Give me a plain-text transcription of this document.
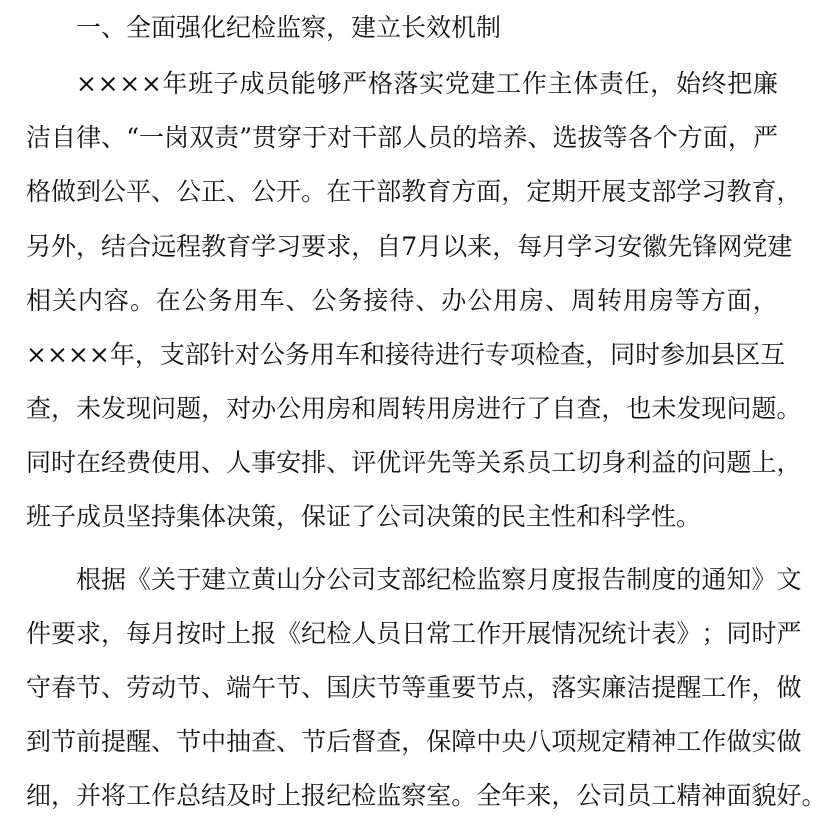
一、全面强化纪检监察，建立长效机制
× × × × 年 班 子 成 员 能 够 严 格 落 实 党 建 工 作 主 体 责 任 ， 始 终 把 廉
洁 自 律 、 “ 一 岗 双 责 ” 贯 穿 于 对 干 部 人 员 的 培 养 、 选 拔 等 各 个 方 面 ， 严
格 做 到 公 平 、 公 正 、 公 开 。 在 干 部 教 育 方 面 ， 定 期 开 展 支 部 学 习 教 育 ，
另 外 ， 结 合 远 程 教 育 学 习 要 求 ， 自 7 月 以 来 ， 每 月 学 习 安 徽 先 锋 网 党 建
相 关 内 容 。 在 公 务 用 车 、 公 务 接 待 、 办 公 用 房 、 周 转 用 房 等 方 面 ，
× × × × 年 ， 支 部 针 对 公 务 用 车 和 接 待 进 行 专 项 检 查 ， 同 时 参 加 县 区 互
查 ， 未 发 现 问 题 ， 对 办 公 用 房 和 周 转 用 房 进 行 了 自 查 ， 也 未 发 现 问 题 。
同 时 在 经 费 使 用 、 人 事 安 排 、 评 优 评 先 等 关 系 员 工 切 身 利 益 的 问 题 上 ，
班子成员坚持集体决策，保证了公司决策的民主性和科学性。
根 据 《 关 于 建 立 黄 山 分 公 司 支 部 纪 检 监 察 月 度 报 告 制 度 的 通 知 》 文
件 要 求 ， 每 月 按 时 上 报 《 纪 检 人 员 日 常 工 作 开 展 情 况 统 计 表 》 ； 同 时 严
守 春 节 、 劳 动 节 、 端 午 节 、 国 庆 节 等 重 要 节 点 ， 落 实 廉 洁 提 醒 工 作 ， 做
到 节 前 提 醒 、 节 中 抽 查 、 节 后 督 查 ， 保 障 中 央 八 项 规 定 精 神 工 作 做 实 做
细 ， 并 将 工 作 总 结 及 时 上 报 纪 检 监 察 室 。 全 年 来 ， 公 司 员 工 精 神 面 貌 好 。
